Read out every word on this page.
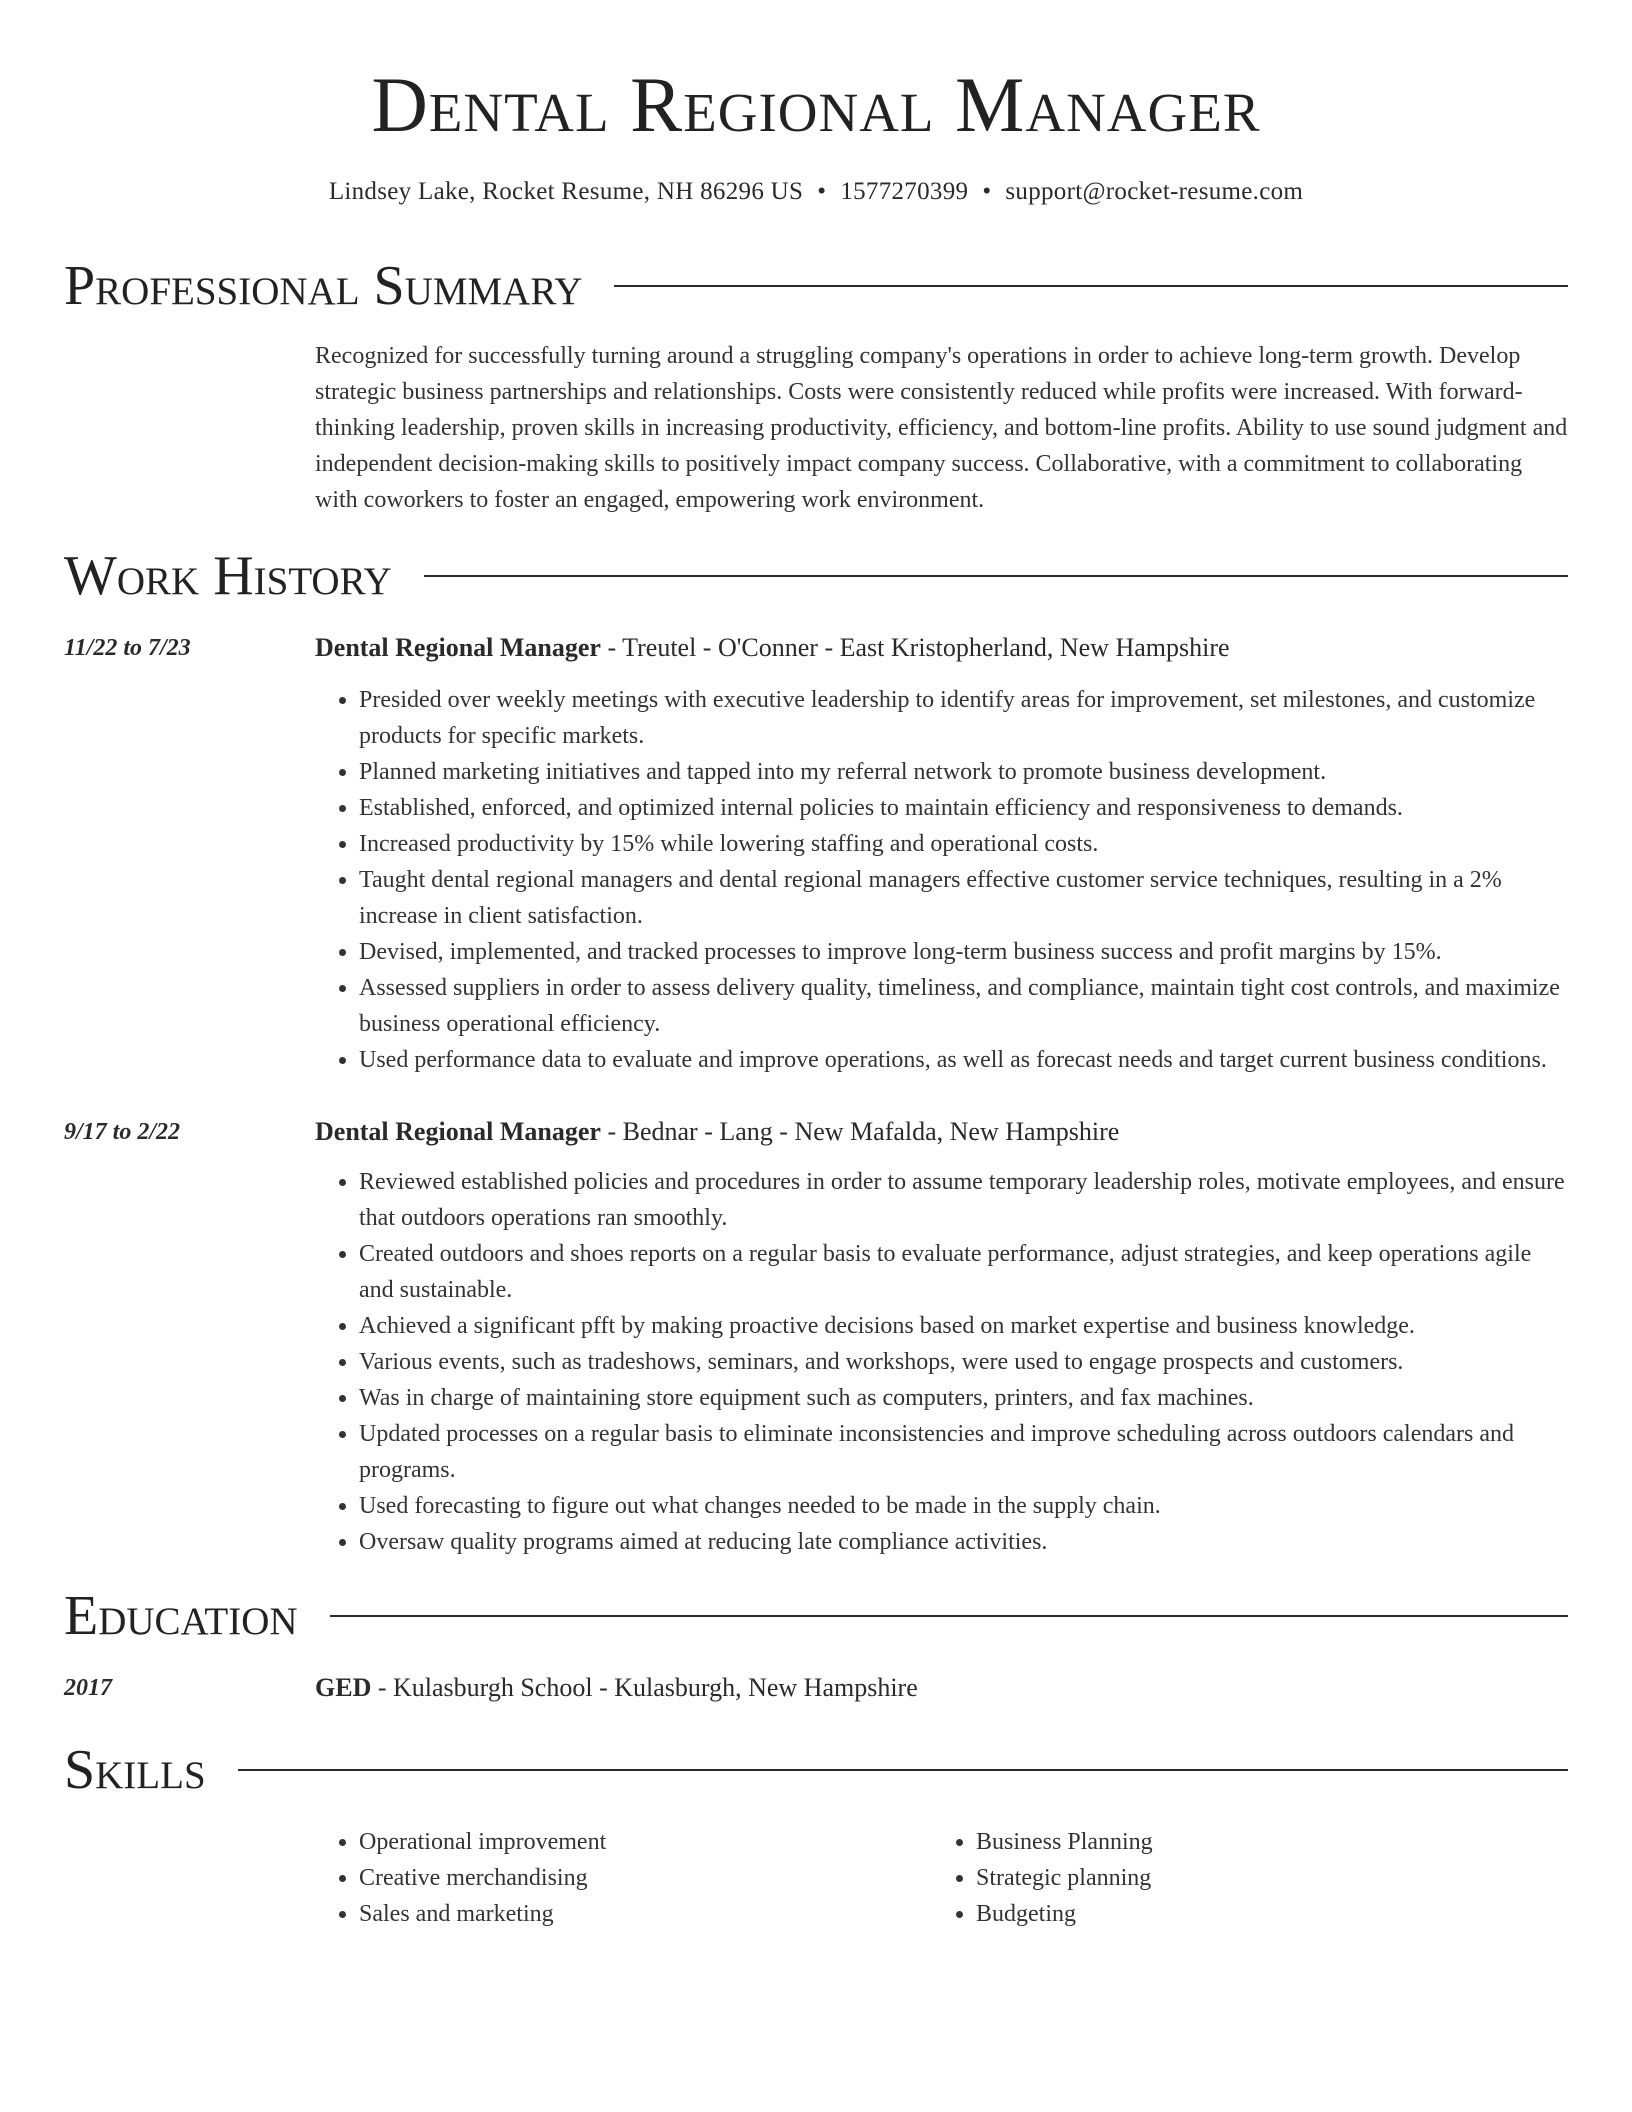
Dental Regional Manager
Lindsey Lake, Rocket Resume, NH 86296 US • 1577270399 • support@rocket-resume.com
Professional Summary
Recognized for successfully turning around a struggling company's operations in order to achieve long-term growth. Develop strategic business partnerships and relationships. Costs were consistently reduced while profits were increased. With forward-thinking leadership, proven skills in increasing productivity, efficiency, and bottom-line profits. Ability to use sound judgment and independent decision-making skills to positively impact company success. Collaborative, with a commitment to collaborating with coworkers to foster an engaged, empowering work environment.
Work History
11/22 to 7/23	Dental Regional Manager - Treutel - O'Conner - East Kristopherland, New Hampshire
• Presided over weekly meetings with executive leadership to identify areas for improvement, set milestones, and customize products for specific markets.
• Planned marketing initiatives and tapped into my referral network to promote business development.
• Established, enforced, and optimized internal policies to maintain efficiency and responsiveness to demands.
• Increased productivity by 15% while lowering staffing and operational costs.
• Taught dental regional managers and dental regional managers effective customer service techniques, resulting in a 2% increase in client satisfaction.
• Devised, implemented, and tracked processes to improve long-term business success and profit margins by 15%.
• Assessed suppliers in order to assess delivery quality, timeliness, and compliance, maintain tight cost controls, and maximize business operational efficiency.
• Used performance data to evaluate and improve operations, as well as forecast needs and target current business conditions.
9/17 to 2/22	Dental Regional Manager - Bednar - Lang - New Mafalda, New Hampshire
• Reviewed established policies and procedures in order to assume temporary leadership roles, motivate employees, and ensure that outdoors operations ran smoothly.
• Created outdoors and shoes reports on a regular basis to evaluate performance, adjust strategies, and keep operations agile and sustainable.
• Achieved a significant pfft by making proactive decisions based on market expertise and business knowledge.
• Various events, such as tradeshows, seminars, and workshops, were used to engage prospects and customers.
• Was in charge of maintaining store equipment such as computers, printers, and fax machines.
• Updated processes on a regular basis to eliminate inconsistencies and improve scheduling across outdoors calendars and programs.
• Used forecasting to figure out what changes needed to be made in the supply chain.
• Oversaw quality programs aimed at reducing late compliance activities.
Education
2017	GED - Kulasburgh School - Kulasburgh, New Hampshire
Skills
• Operational improvement
• Creative merchandising
• Sales and marketing
• Business Planning
• Strategic planning
• Budgeting
